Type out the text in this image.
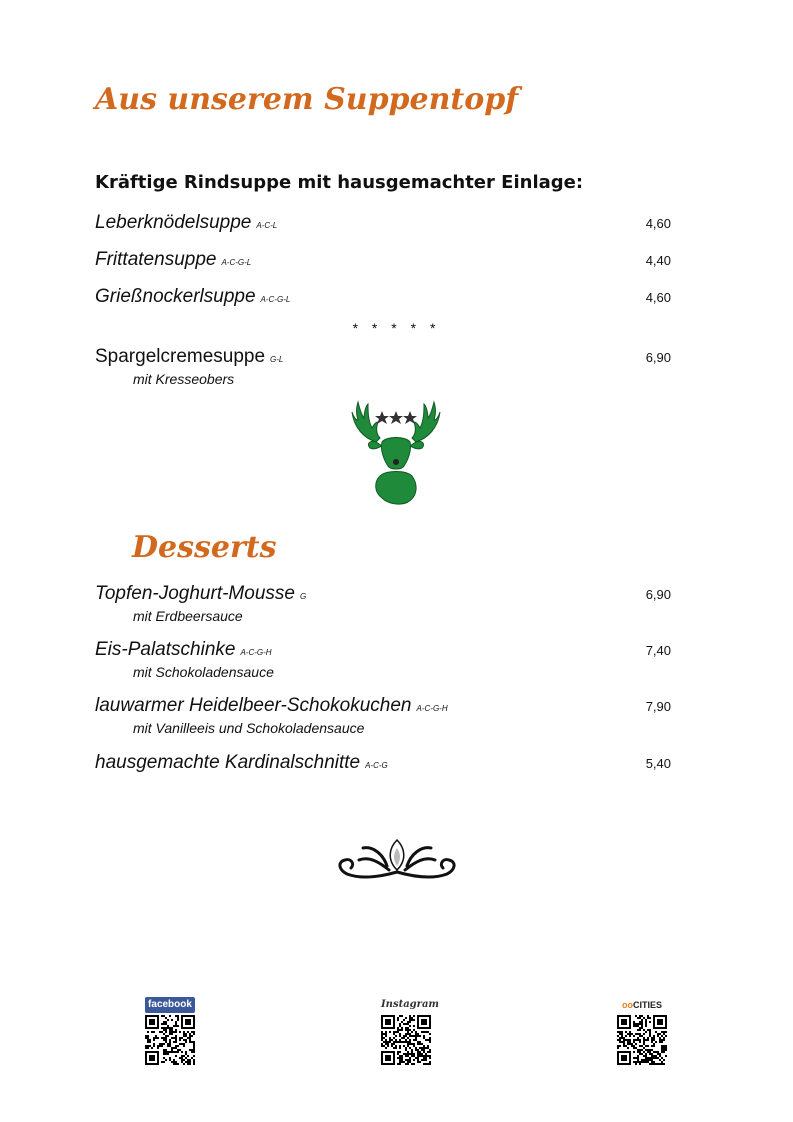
Aus unserem Suppentopf
Kräftige Rindsuppe mit hausgemachter Einlage:
Leberknödelsuppe A-C-L	4,60
Frittatensuppe A-C-G-L	4,40
Grießnockerlsuppe A-C-G-L	4,60
* * * * *
Spargelcremesuppe G-L	6,90
mit Kresseobers
Desserts
Topfen-Joghurt-Mousse G	6,90
mit Erdbeersauce
Eis-Palatschinke A-C-G-H	7,40
mit Schokoladensauce
lauwarmer Heidelbeer-Schokokuchen A-C-G-H	7,90
mit Vanilleeis und Schokoladensauce
hausgemachte Kardinalschnitte A-C-G	5,40
facebook	Instagram	ooCITIES
